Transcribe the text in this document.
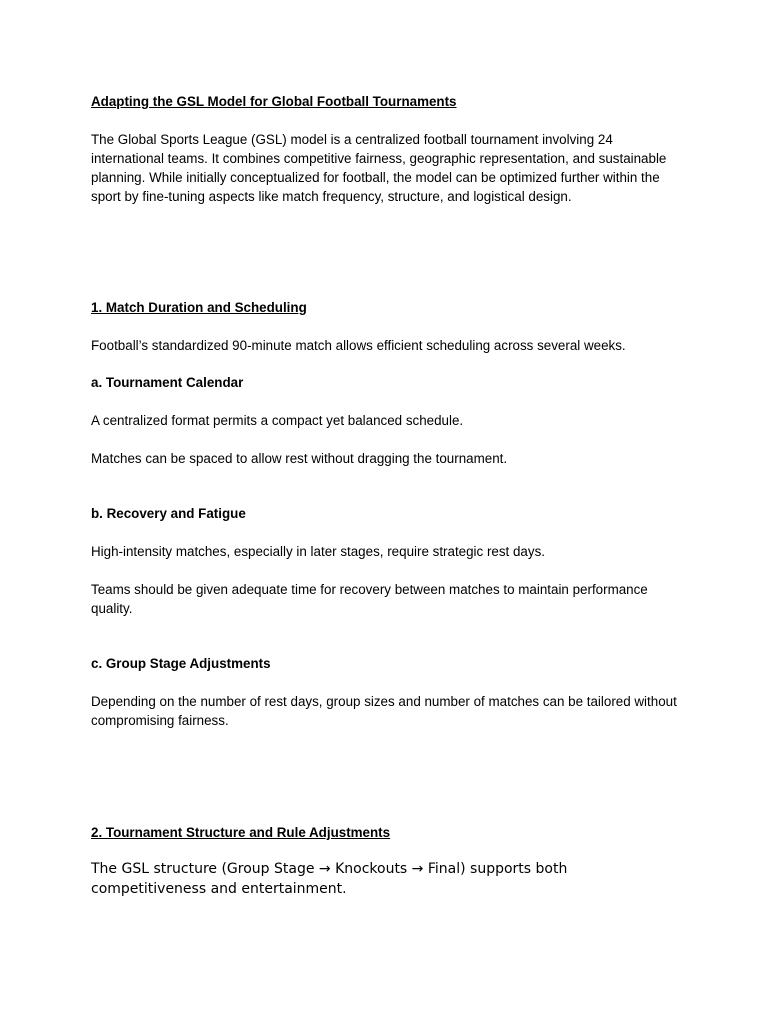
Adapting the GSL Model for Global Football Tournaments

The Global Sports League (GSL) model is a centralized football tournament involving 24 international teams. It combines competitive fairness, geographic representation, and sustainable planning. While initially conceptualized for football, the model can be optimized further within the sport by fine-tuning aspects like match frequency, structure, and logistical design.

1. Match Duration and Scheduling

Football’s standardized 90-minute match allows efficient scheduling across several weeks.

a. Tournament Calendar

A centralized format permits a compact yet balanced schedule.

Matches can be spaced to allow rest without dragging the tournament.

b. Recovery and Fatigue

High-intensity matches, especially in later stages, require strategic rest days.

Teams should be given adequate time for recovery between matches to maintain performance quality.

c. Group Stage Adjustments

Depending on the number of rest days, group sizes and number of matches can be tailored without compromising fairness.

2. Tournament Structure and Rule Adjustments

The GSL structure (Group Stage → Knockouts → Final) supports both competitiveness and entertainment.
